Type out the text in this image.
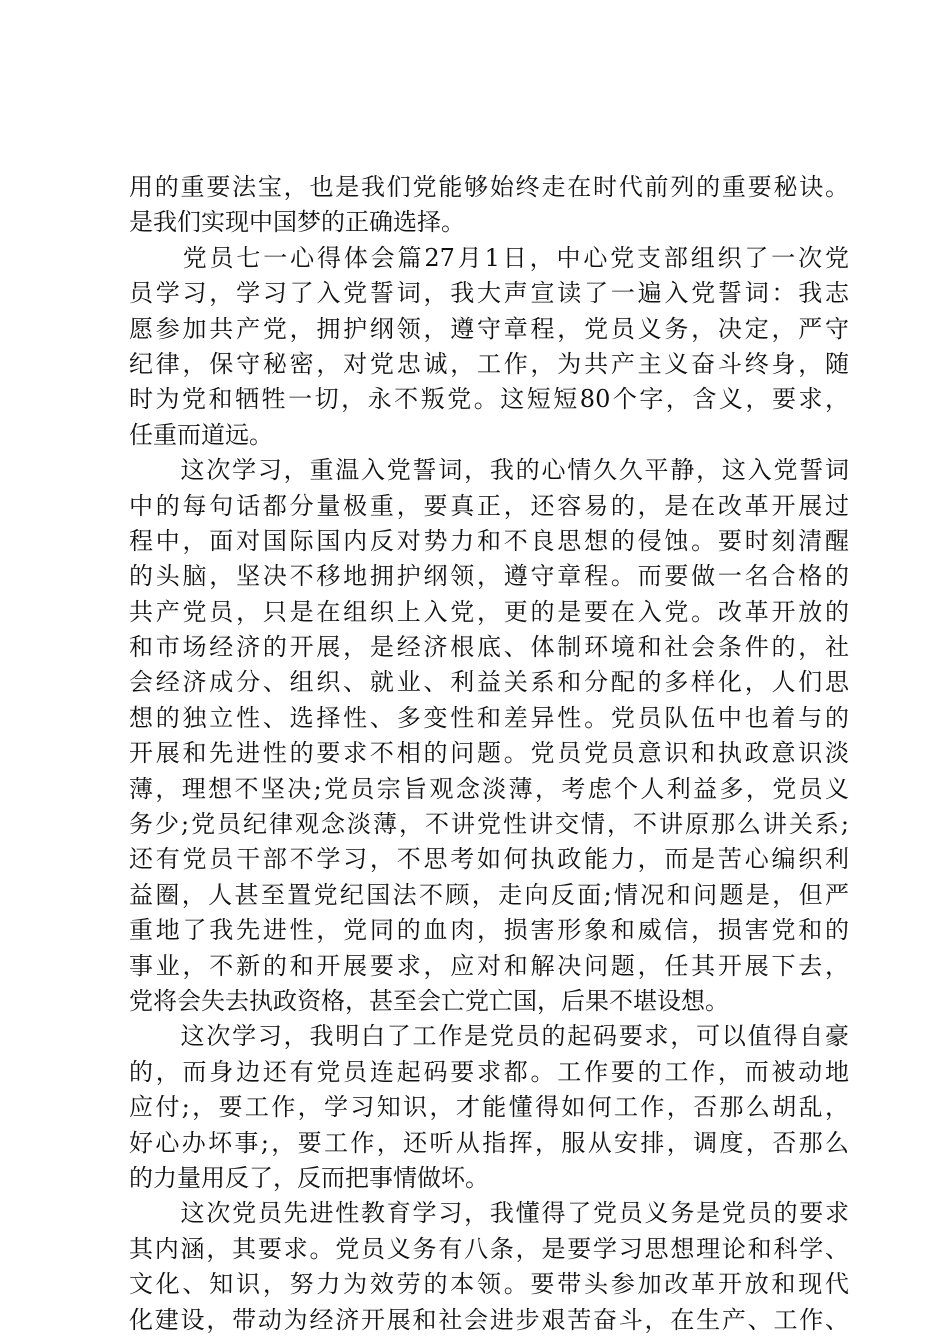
用的重要法宝，也是我们党能够始终走在时代前列的重要秘诀。
是我们实现中国梦的正确选择。
　　党员七一心得体会篇27月1日，中心党支部组织了一次党
员学习，学习了入党誓词，我大声宣读了一遍入党誓词：我志
愿参加共产党，拥护纲领，遵守章程，党员义务，决定，严守
纪律，保守秘密，对党忠诚，工作，为共产主义奋斗终身，随
时为党和牺牲一切，永不叛党。这短短80个字，含义，要求，
任重而道远。
　　这次学习，重温入党誓词，我的心情久久平静，这入党誓词
中的每句话都分量极重，要真正，还容易的，是在改革开展过
程中，面对国际国内反对势力和不良思想的侵蚀。要时刻清醒
的头脑，坚决不移地拥护纲领，遵守章程。而要做一名合格的
共产党员，只是在组织上入党，更的是要在入党。改革开放的
和市场经济的开展，是经济根底、体制环境和社会条件的，社
会经济成分、组织、就业、利益关系和分配的多样化，人们思
想的独立性、选择性、多变性和差异性。党员队伍中也着与的
开展和先进性的要求不相的问题。党员党员意识和执政意识淡
薄，理想不坚决;党员宗旨观念淡薄，考虑个人利益多，党员义
务少;党员纪律观念淡薄，不讲党性讲交情，不讲原那么讲关系;
还有党员干部不学习，不思考如何执政能力，而是苦心编织利
益圈，人甚至置党纪国法不顾，走向反面;情况和问题是，但严
重地了我先进性，党同的血肉，损害形象和威信，损害党和的
事业，不新的和开展要求，应对和解决问题，任其开展下去，
党将会失去执政资格，甚至会亡党亡国，后果不堪设想。
　　这次学习，我明白了工作是党员的起码要求，可以值得自豪
的，而身边还有党员连起码要求都。工作要的工作，而被动地
应付;，要工作，学习知识，才能懂得如何工作，否那么胡乱，
好心办坏事;，要工作，还听从指挥，服从安排，调度，否那么
的力量用反了，反而把事情做坏。
　　这次党员先进性教育学习，我懂得了党员义务是党员的要求
其内涵，其要求。党员义务有八条，是要学习思想理论和科学、
文化、知识，努力为效劳的本领。要带头参加改革开放和现代
化建设，带动为经济开展和社会进步艰苦奋斗，在生产、工作、
